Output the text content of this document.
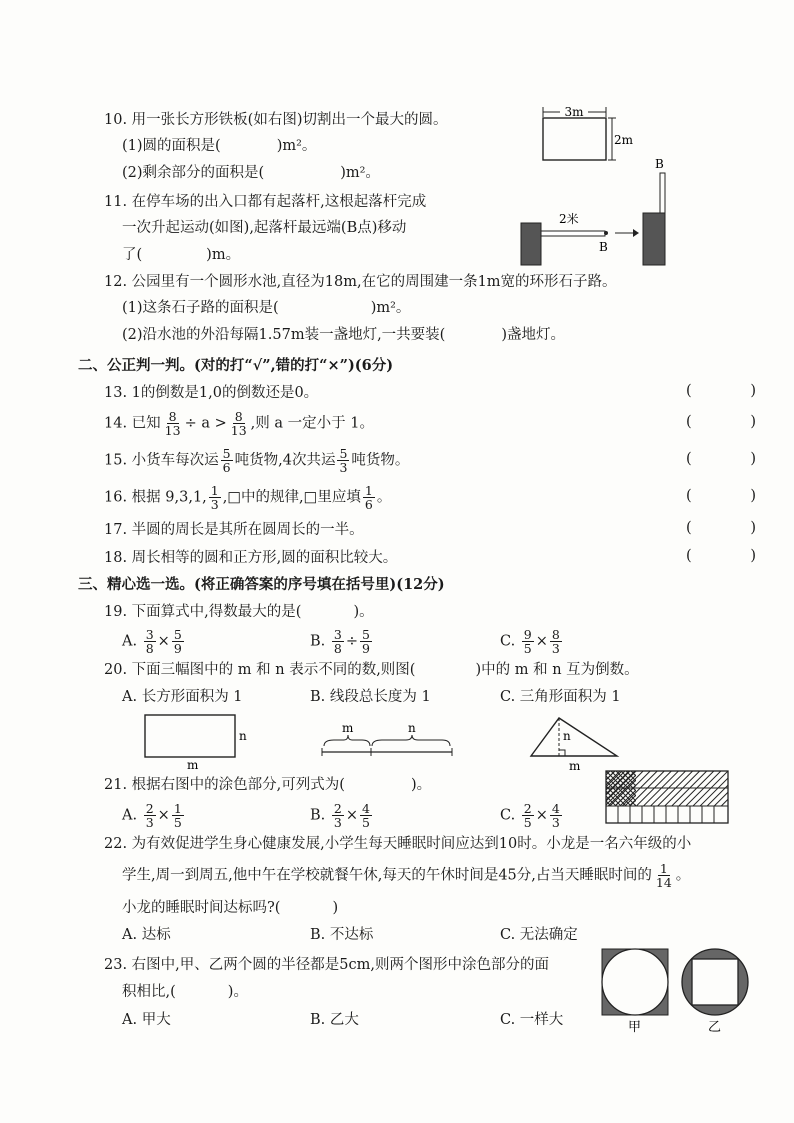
10. 用一张长方形铁板(如右图)切割出一个最大的圆。
(1)圆的面积是(	)m²。
(2)剩余部分的面积是(	)m²。
3m
2m
11. 在停车场的出入口都有起落杆,这根起落杆完成
一次升起运动(如图),起落杆最远端(B点)移动
了(	)m。
B
2米
B
12. 公园里有一个圆形水池,直径为18m,在它的周围建一条1m宽的环形石子路。
(1)这条石子路的面积是(	)m²。
(2)沿水池的外沿每隔1.57m装一盏地灯,一共要装(	)盏地灯。
二、公正判一判。(对的打“√”,错的打“×”)(6分)
13. 1的倒数是1,0的倒数还是0。	(	)
14. 已知 $\frac{8}{13} \div a > \frac{8}{13}$ ,则 a 一定小于 1。	(	)
15. 小货车每次运 $\frac{5}{6}$ 吨货物,4次共运 $\frac{5}{3}$ 吨货物。	(	)
16. 根据 9,3,1, $\frac{1}{3}$ ,□中的规律,□里应填 $\frac{1}{6}$ 。	(	)
17. 半圆的周长是其所在圆周长的一半。	(	)
18. 周长相等的圆和正方形,圆的面积比较大。	(	)
三、精心选一选。(将正确答案的序号填在括号里)(12分)
19. 下面算式中,得数最大的是(	)。
A. $\frac{3}{8} \times \frac{5}{9}$	B. $\frac{3}{8} \div \frac{5}{9}$	C. $\frac{9}{5} \times \frac{8}{3}$
20. 下面三幅图中的 m 和 n 表示不同的数,则图(	)中的 m 和 n 互为倒数。
A. 长方形面积为 1	B. 线段总长度为 1	C. 三角形面积为 1
n
m
m	n
n
m
21. 根据右图中的涂色部分,可列式为(	)。
A. $\frac{2}{3} \times \frac{1}{5}$	B. $\frac{2}{3} \times \frac{4}{5}$	C. $\frac{2}{5} \times \frac{4}{3}$
22. 为有效促进学生身心健康发展,小学生每天睡眠时间应达到10时。小龙是一名六年级的小
学生,周一到周五,他中午在学校就餐午休,每天的午休时间是45分,占当天睡眠时间的 $\frac{1}{14}$ 。
小龙的睡眠时间达标吗?(	)
A. 达标	B. 不达标	C. 无法确定
23. 右图中,甲、乙两个圆的半径都是5cm,则两个图形中涂色部分的面
积相比,(	)。
A. 甲大	B. 乙大	C. 一样大	甲	乙
